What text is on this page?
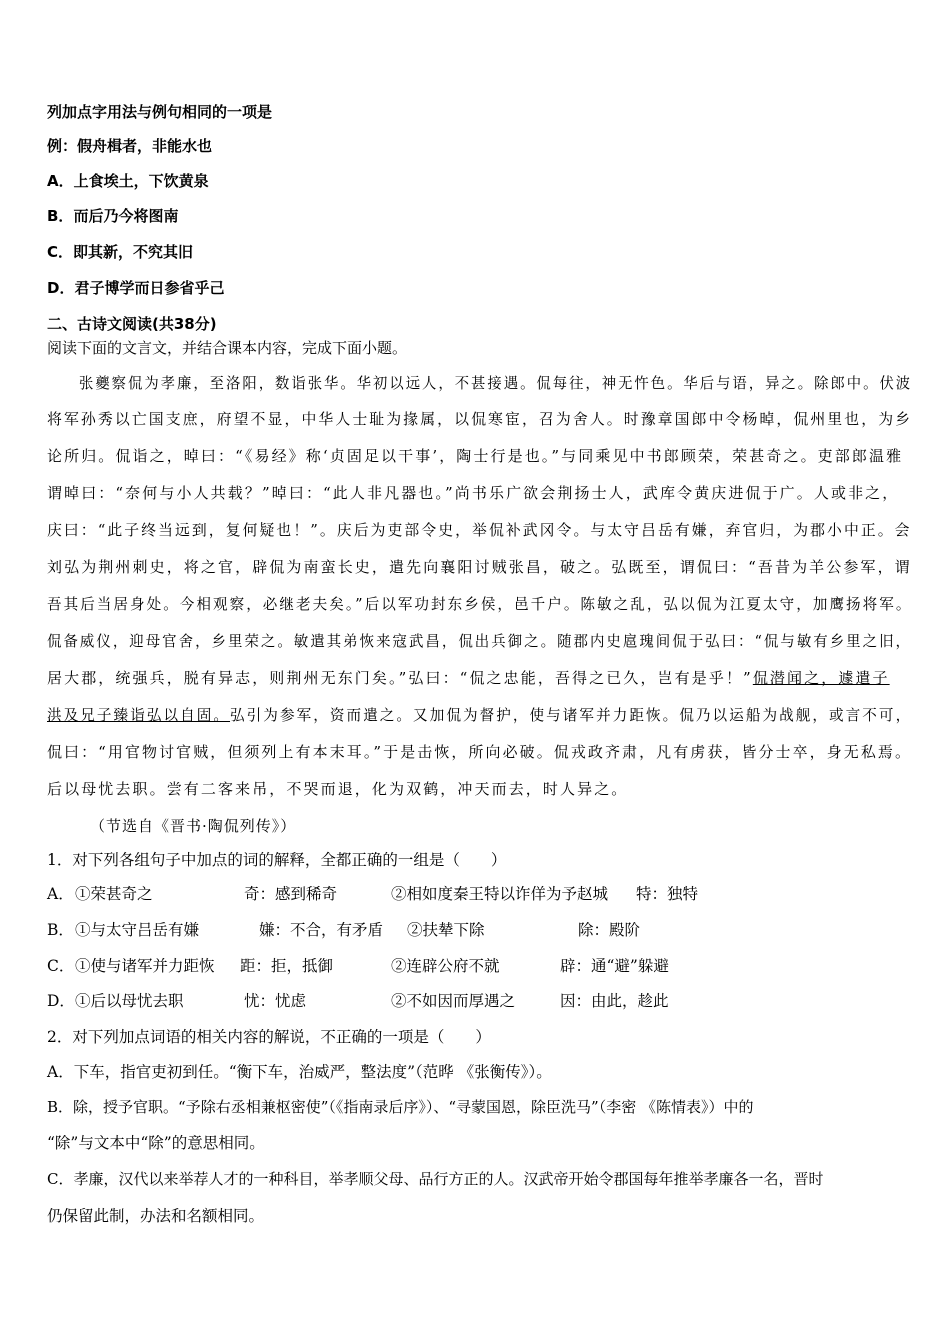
列加点字用法与例句相同的一项是
例：假舟楫者，非能水也
A．上食埃土，下饮黄泉
B．而后乃今将图南
C．即其新，不究其旧
D．君子博学而日参省乎己
二、古诗文阅读(共38分)
阅读下面的文言文，并结合课本内容，完成下面小题。
张夔察侃为孝廉，至洛阳，数诣张华。华初以远人，不甚接遇。侃每往，神无忤色。华后与语，异之。除郎中。伏波
将军孙秀以亡国支庶，府望不显，中华人士耻为掾属，以侃寒宦，召为舍人。时豫章国郎中令杨晫，侃州里也，为乡
论所归。侃诣之，晫曰：“《易经》称‘贞固足以干事’，陶士行是也。”与同乘见中书郎顾荣，荣甚奇之。吏部郎温雅
谓晫曰：“奈何与小人共载？”晫曰：“此人非凡器也。”尚书乐广欲会荆扬士人，武库令黄庆进侃于广。人或非之，
庆曰：“此子终当远到，复何疑也！”。庆后为吏部令史，举侃补武冈令。与太守吕岳有嫌，弃官归，为郡小中正。会
刘弘为荆州刺史，将之官，辟侃为南蛮长史，遣先向襄阳讨贼张昌，破之。弘既至，谓侃曰：“吾昔为羊公参军，谓
吾其后当居身处。今相观察，必继老夫矣。”后以军功封东乡侯，邑千户。陈敏之乱，弘以侃为江夏太守，加鹰扬将军。
侃备威仪，迎母官舍，乡里荣之。敏遣其弟恢来寇武昌，侃出兵御之。随郡内史扈瑰间侃于弘曰：“侃与敏有乡里之旧，
居大郡，统强兵，脱有异志，则荆州无东门矣。”弘曰：“侃之忠能，吾得之已久，岂有是乎！”侃潜闻之，遽遣子
洪及兄子臻诣弘以自固。弘引为参军，资而遣之。又加侃为督护，使与诸军并力距恢。侃乃以运船为战舰，或言不可，
侃曰：“用官物讨官贼，但须列上有本末耳。”于是击恢，所向必破。侃戎政齐肃，凡有虏获，皆分士卒，身无私焉。
后以母忧去职。尝有二客来吊，不哭而退，化为双鹤，冲天而去，时人异之。
（节选自《晋书·陶侃列传》）
1．对下列各组句子中加点的词的解释，全都正确的一组是（　　）
A． ①荣甚奇之	奇：感到稀奇	②相如度秦王特以诈佯为予赵城 特：独特
B． ①与太守吕岳有嫌	嫌：不合，有矛盾 ②扶辇下除	除：殿阶
C． ①使与诸军并力距恢 距：拒，抵御	②连辟公府不就	辟：通“避”躲避
D． ①后以母忧去职	忧：忧虑	②不如因而厚遇之	因：由此，趁此
2．对下列加点词语的相关内容的解说，不正确的一项是（　　）
A．下车，指官吏初到任。“衡下车，治威严，整法度”（范晔 《张衡传》）。
B．除，授予官职。“予除右丞相兼枢密使”（《指南录后序》）、“寻蒙国恩，除臣洗马”（李密 《陈情表》）中的
“除”与文本中“除”的意思相同。
C．孝廉，汉代以来举荐人才的一种科目，举孝顺父母、品行方正的人。汉武帝开始令郡国每年推举孝廉各一名，晋时
仍保留此制，办法和名额相同。
